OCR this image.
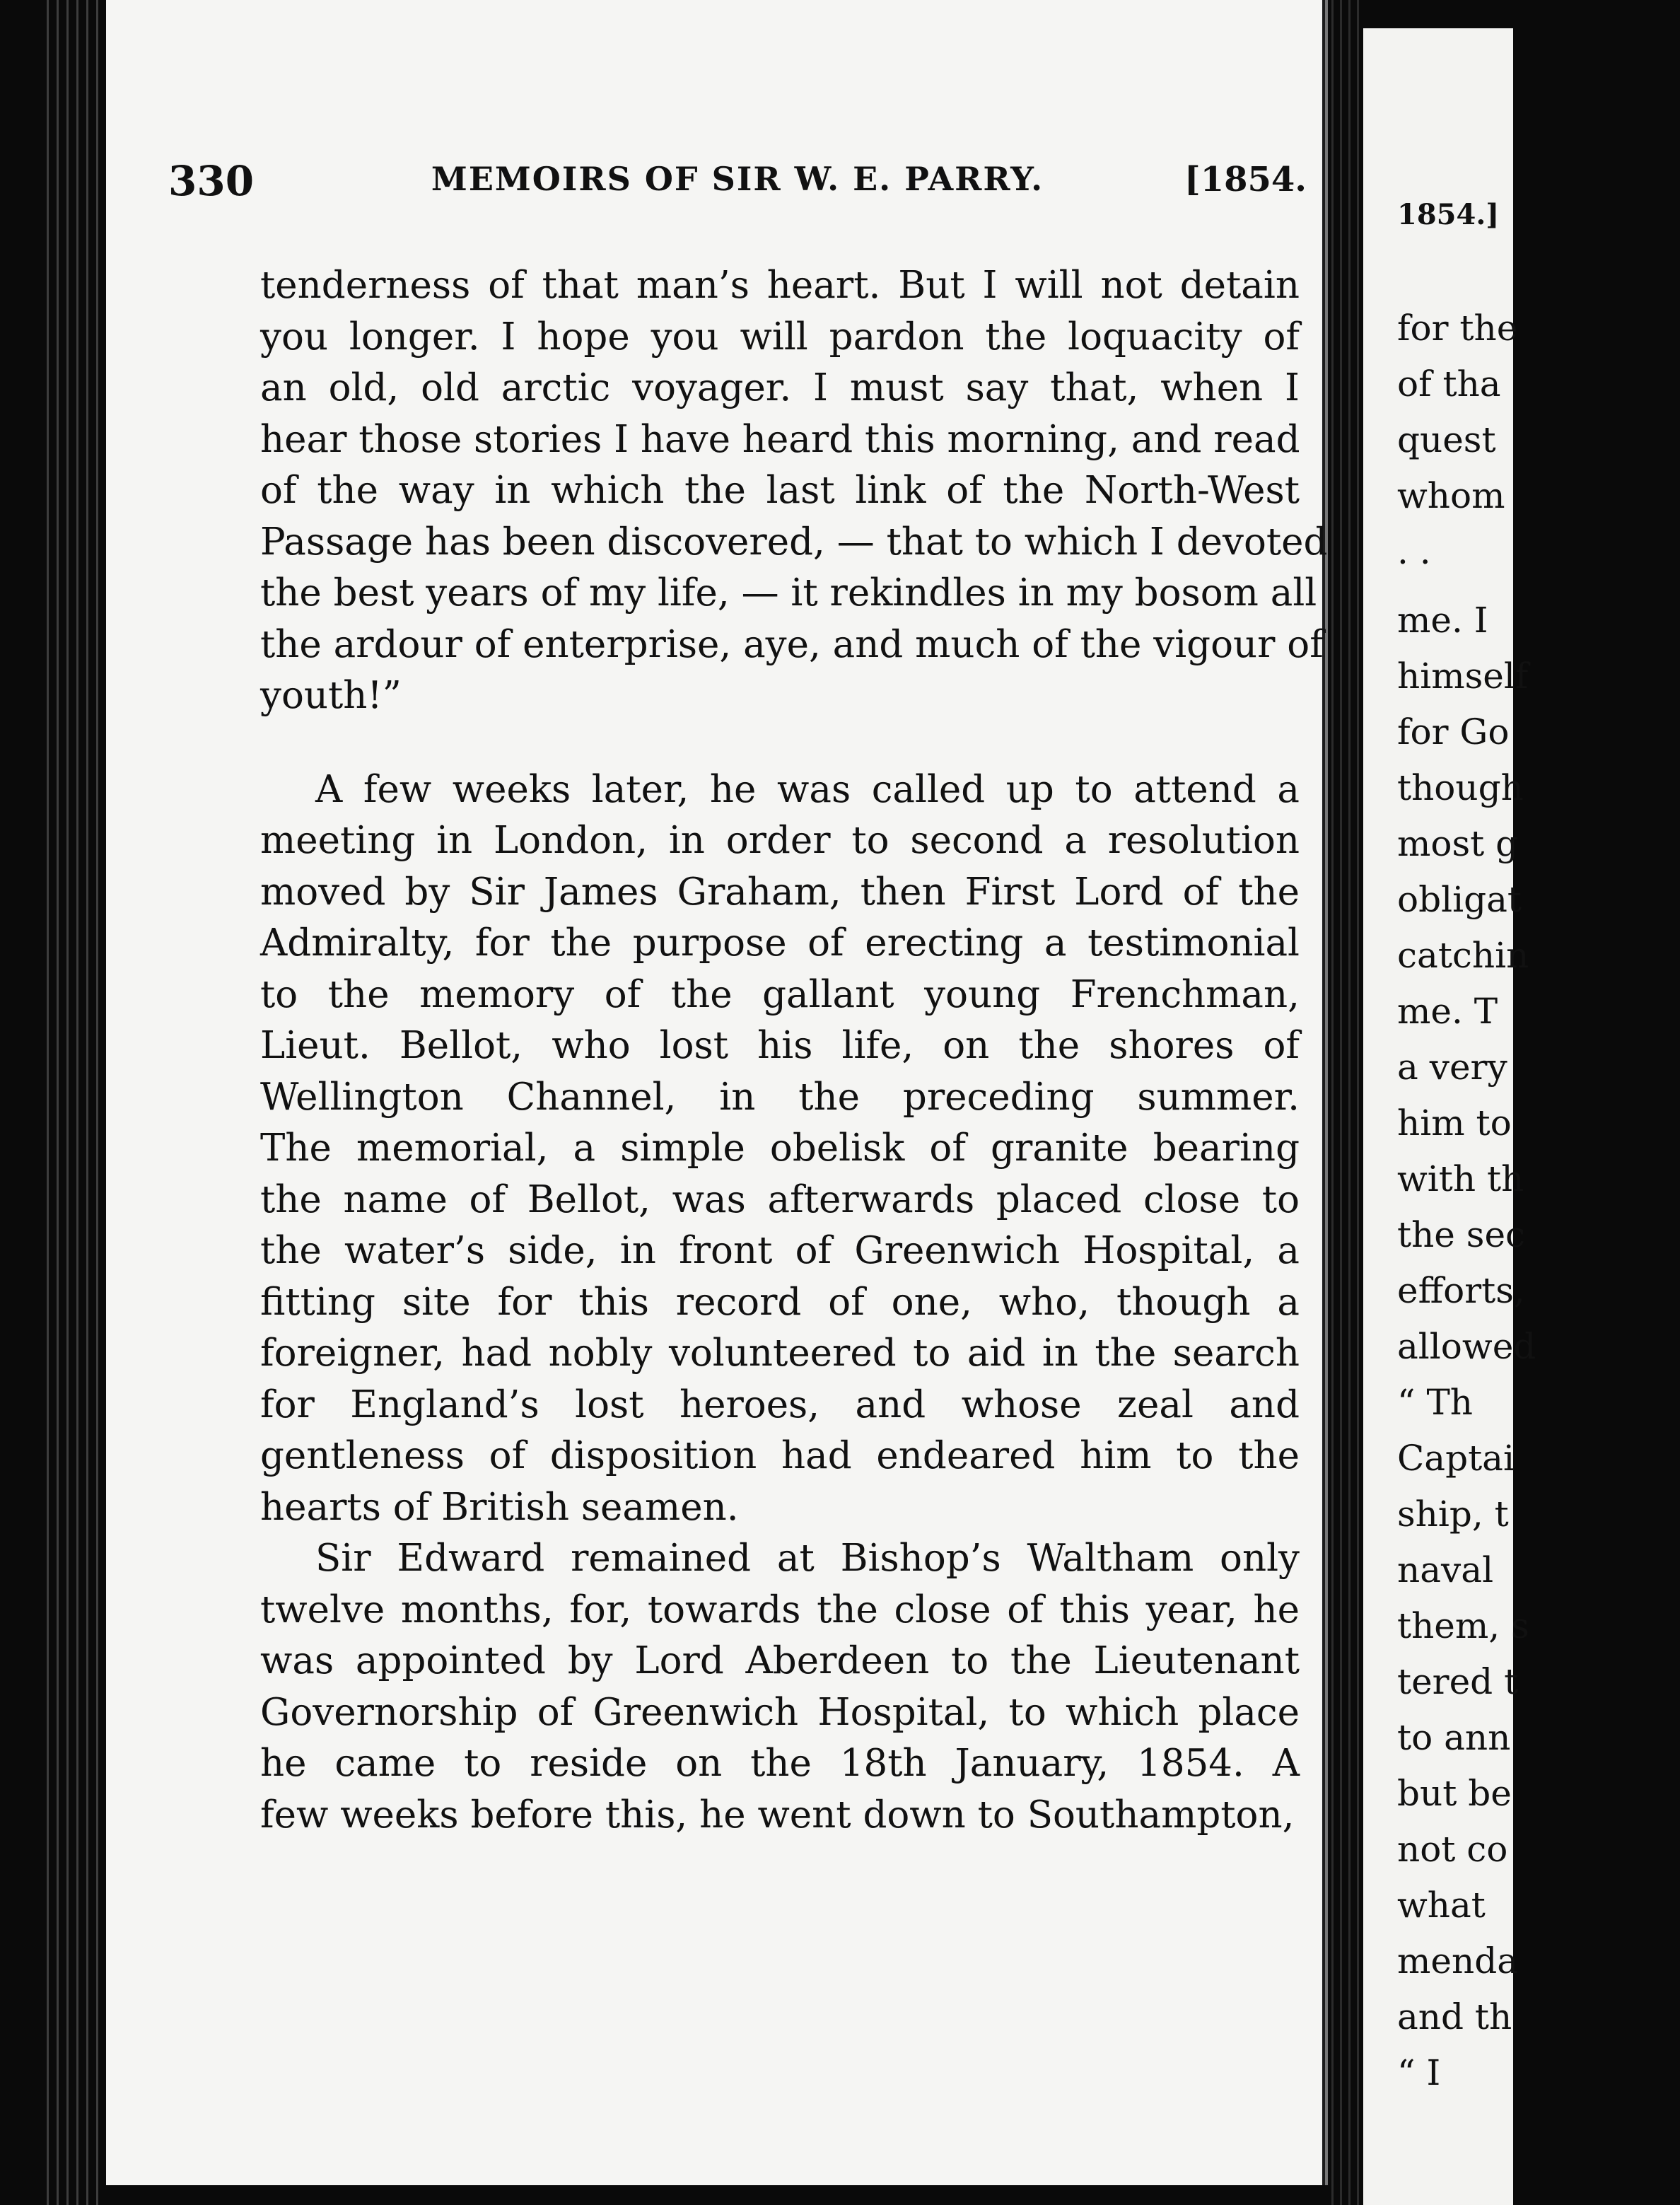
330	MEMOIRS OF SIR W. E. PARRY.	[1854.
tenderness of that man’s heart. But I will not detain
you longer. I hope you will pardon the loquacity of
an old, old arctic voyager. I must say that, when I
hear those stories I have heard this morning, and read
of the way in which the last link of the North-West
Passage has been discovered, — that to which I devoted
the best years of my life, — it rekindles in my bosom all
the ardour of enterprise, aye, and much of the vigour of
youth!”
A few weeks later, he was called up to attend a
meeting in London, in order to second a resolution
moved by Sir James Graham, then First Lord of the
Admiralty, for the purpose of erecting a testimonial
to the memory of the gallant young Frenchman,
Lieut. Bellot, who lost his life, on the shores of
Wellington Channel, in the preceding summer.
The memorial, a simple obelisk of granite bearing
the name of Bellot, was afterwards placed close to
the water’s side, in front of Greenwich Hospital, a
fitting site for this record of one, who, though a
foreigner, had nobly volunteered to aid in the search
for England’s lost heroes, and whose zeal and
gentleness of disposition had endeared him to the
hearts of British seamen.
Sir Edward remained at Bishop’s Waltham only
twelve months, for, towards the close of this year, he
was appointed by Lord Aberdeen to the Lieutenant
Governorship of Greenwich Hospital, to which place
he came to reside on the 18th January, 1854. A
few weeks before this, he went down to Southampton,
1854.]
for the
of tha
quest
whom
. .
me. I
himself
for Go
though
most g
obligat
catchin
me. T
a very
him to
with th
the sec
efforts,
allowed
“ Th
Captai
ship, t
naval
them, s
tered t
to ann
but be
not co
what
menda
and th
“ I
